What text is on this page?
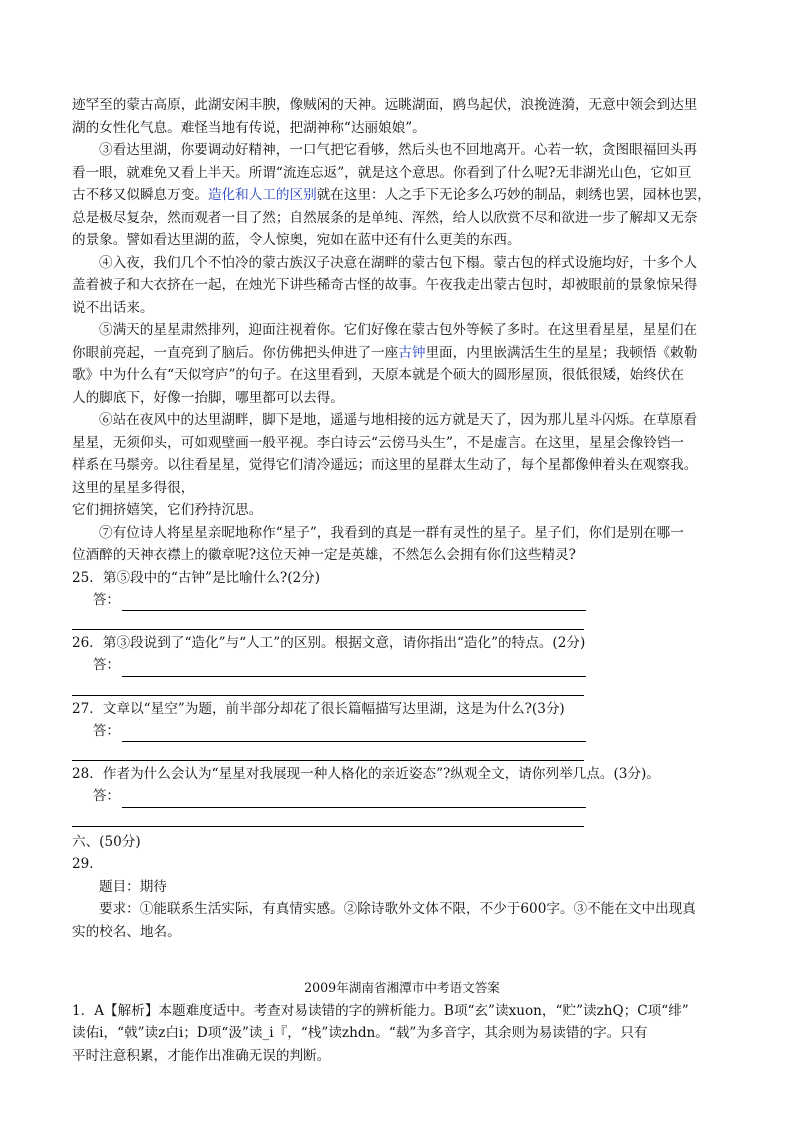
迹罕至的蒙古高原，此湖安闲丰腴，像贼闲的天神。远眺湖面，鸥鸟起伏，浪挽涟漪，无意中领会到达里

湖的女性化气息。难怪当地有传说，把湖神称“达丽娘娘”。

③看达里湖，你要调动好精神，一口气把它看够，然后头也不回地离开。心若一软，贪图眼福回头再

看一眼，就难免又看上半天。所谓“流连忘返”，就是这个意思。你看到了什么呢?无非湖光山色，它如亘

古不移又似瞬息万变。造化和人工的区别就在这里：人之手下无论多么巧妙的制品，刺绣也罢，园林也罢，

总是极尽复杂，然而观者一目了然；自然展条的是单纯、浑然，给人以欣赏不尽和欲进一步了解却又无奈

的景象。譬如看达里湖的蓝，令人惊奥，宛如在蓝中还有什么更美的东西。

④入夜，我们几个不怕冷的蒙古族汉子决意在湖畔的蒙古包下榻。蒙古包的样式设施均好，十多个人

盖着被子和大衣挤在一起，在烛光下讲些稀奇古怪的故事。午夜我走出蒙古包时，却被眼前的景象惊呆得

说不出话来。

⑤满天的星星肃然排列，迎面注视着你。它们好像在蒙古包外等候了多时。在这里看星星，星星们在

你眼前亮起，一直亮到了脑后。你仿佛把头伸进了一座古钟里面，内里嵌满活生生的星星；我顿悟《敕勒

歌》中为什么有“天似穹庐”的句子。在这里看到，天原本就是个硕大的圆形屋顶，很低很矮，始终伏在

人的脚底下，好像一抬脚，哪里都可以去得。

⑥站在夜风中的达里湖畔，脚下是地，遥遥与地相接的远方就是天了，因为那儿星斗闪烁。在草原看

星星，无须仰头，可如观壁画一般平视。李白诗云“云傍马头生”，不是虚言。在这里，星星会像铃铛一

样系在马鬃旁。以往看星星，觉得它们清冷遥远；而这里的星群太生动了，每个星都像伸着头在观察我。

这里的星星多得很，

它们拥挤嬉笑，它们矜持沉思。

⑦有位诗人将星星亲昵地称作“星子”，我看到的真是一群有灵性的星子。星子们，你们是别在哪一

位酒醉的天神衣襟上的徽章呢?这位天神一定是英雄，不然怎么会拥有你们这些精灵?

25．第⑤段中的“古钟”是比喻什么?(2分)

答：

26．第③段说到了“造化”与“人工”的区别。根据文意，请你指出“造化”的特点。(2分)

答：

27．文章以“星空”为题，前半部分却花了很长篇幅描写达里湖，这是为什么?(3分)

答：

28．作者为什么会认为“星星对我展现一种人格化的亲近姿态”?纵观全文，请你列举几点。(3分)。

答：

六、(50分)

29．

题目：期待

要求：①能联系生活实际，有真情实感。②除诗歌外文体不限，不少于600字。③不能在文中出现真

实的校名、地名。

2009年湖南省湘潭市中考语文答案

1．A【解析】本题难度适中。考查对易读错的字的辨析能力。B项“玄”读xuon，“贮”读zhQ；C项“绯”

读佑i，“戟”读z白i；D项“汲”读_i『，“栈”读zhdn。“载”为多音字，其余则为易读错的字。只有

平时注意积累，才能作出准确无误的判断。
